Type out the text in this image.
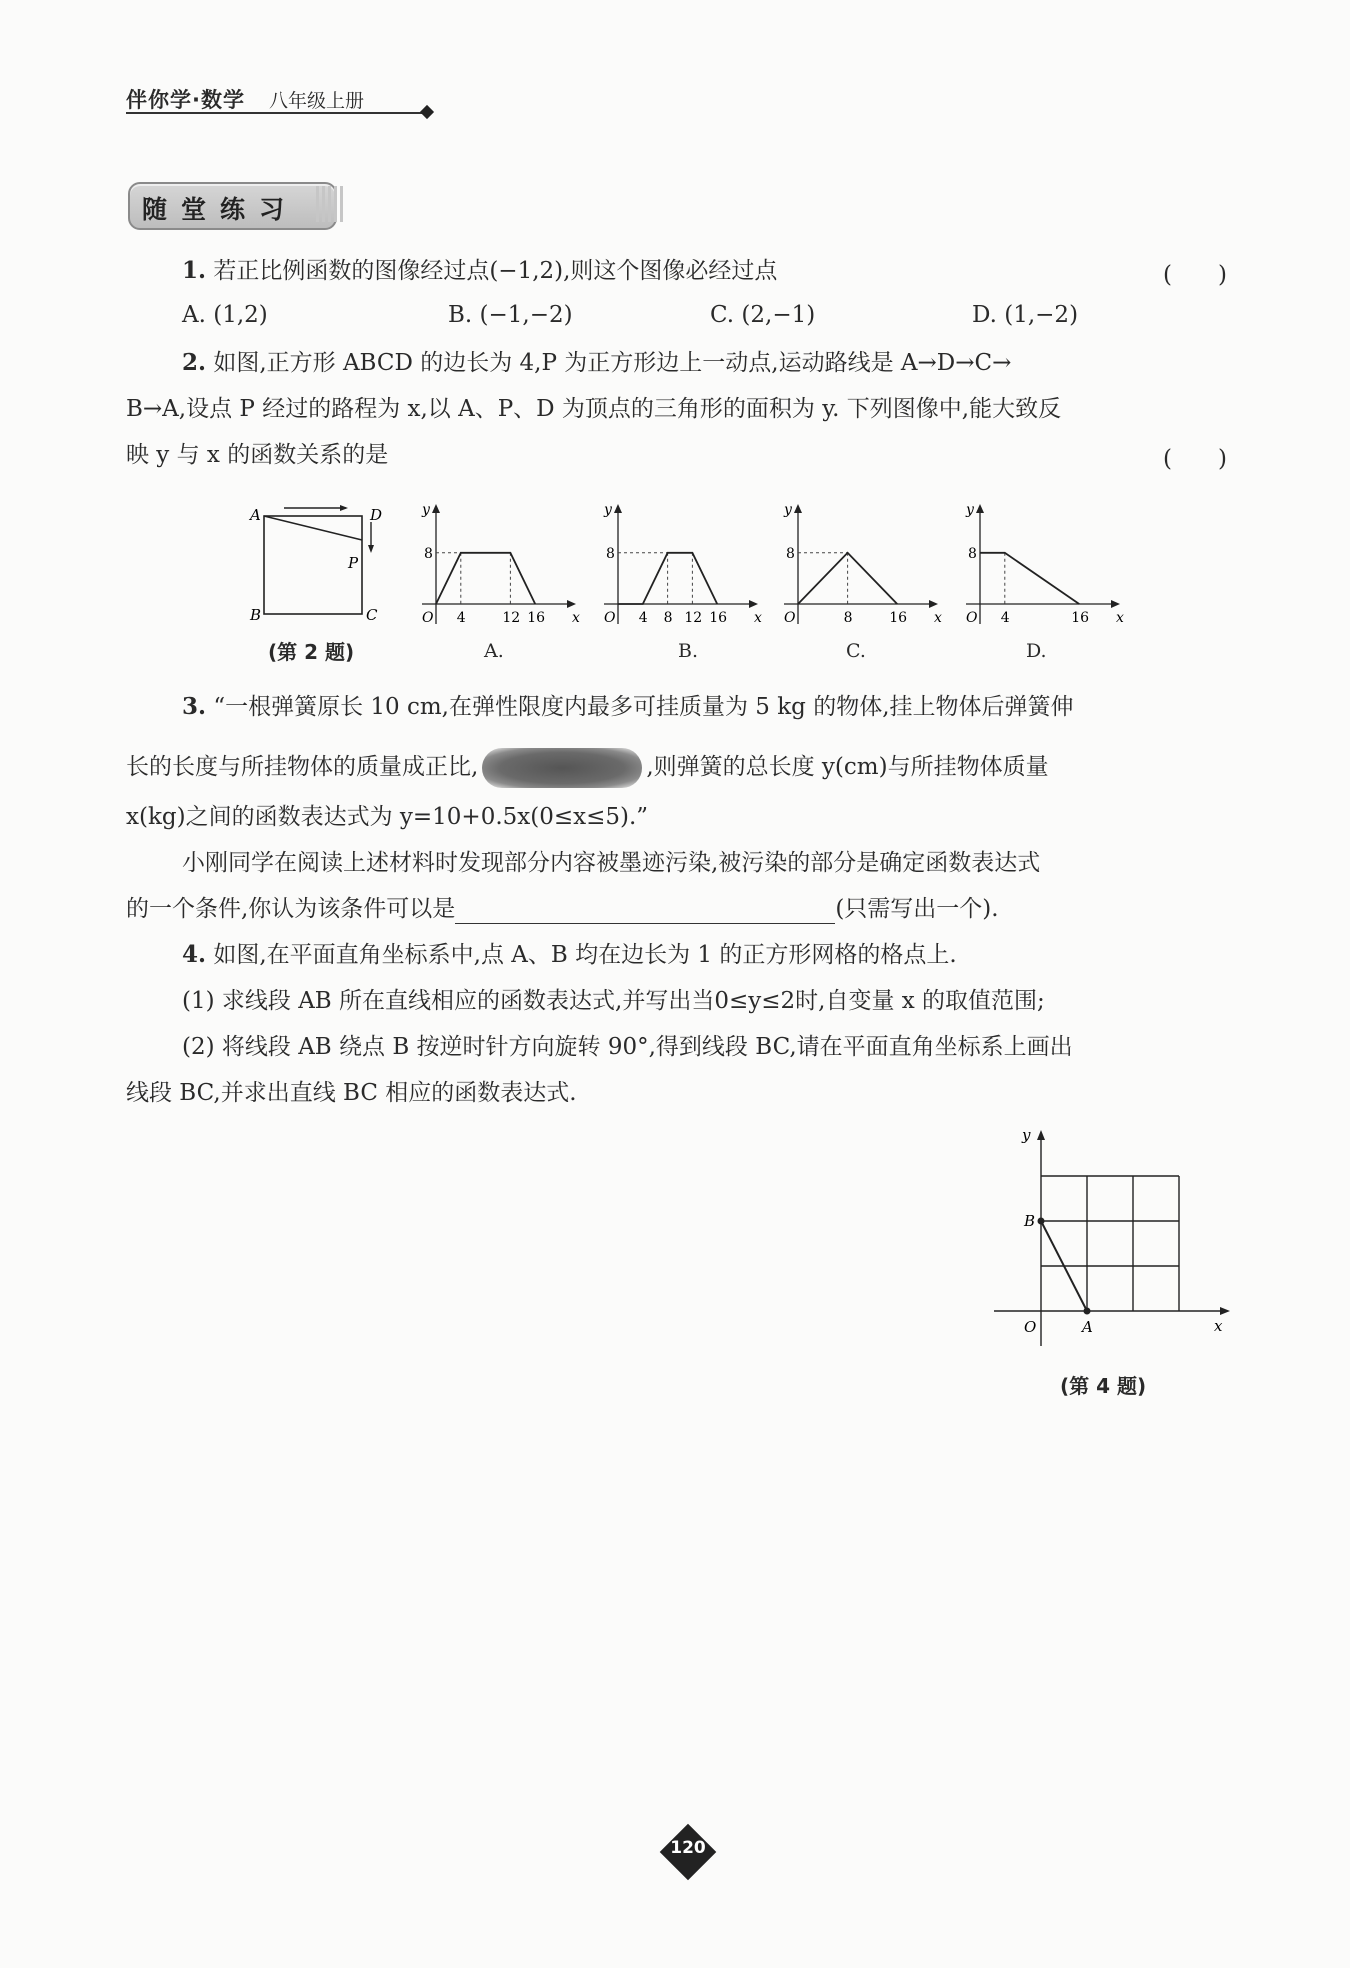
伴你学·数学 八年级上册
随堂练习
1. 若正比例函数的图像经过点(−1,2),则这个图像必经过点	(　　)
A. (1,2)	B. (−1,−2)	C. (2,−1)	D. (1,−2)
2. 如图,正方形 ABCD 的边长为 4,P 为正方形边上一动点,运动路线是 A→D→C→
B→A,设点 P 经过的路程为 x,以 A、P、D 为顶点的三角形的面积为 y. 下列图像中,能大致反
映 y 与 x 的函数关系的是	(　　)
A	D
P
B	C
(第 2 题)
y
x
O
8
4	12 16
y
x
O
8
4 8 12 16
y
x
O
8
8	16
y
x
O
8
4	16
A.	B.	C.	D.
3. “一根弹簧原长 10 cm,在弹性限度内最多可挂质量为 5 kg 的物体,挂上物体后弹簧伸
长的长度与所挂物体的质量成正比,	,则弹簧的总长度 y(cm)与所挂物体质量
x(kg)之间的函数表达式为 y=10+0.5x(0≤x≤5).”
小刚同学在阅读上述材料时发现部分内容被墨迹污染,被污染的部分是确定函数表达式
的一个条件,你认为该条件可以是	(只需写出一个).
4. 如图,在平面直角坐标系中,点 A、B 均在边长为 1 的正方形网格的格点上.
(1) 求线段 AB 所在直线相应的函数表达式,并写出当0≤y≤2时,自变量 x 的取值范围;
(2) 将线段 AB 绕点 B 按逆时针方向旋转 90°,得到线段 BC,请在平面直角坐标系上画出
线段 BC,并求出直线 BC 相应的函数表达式.
B
A
O	x
y
(第 4 题)
120
